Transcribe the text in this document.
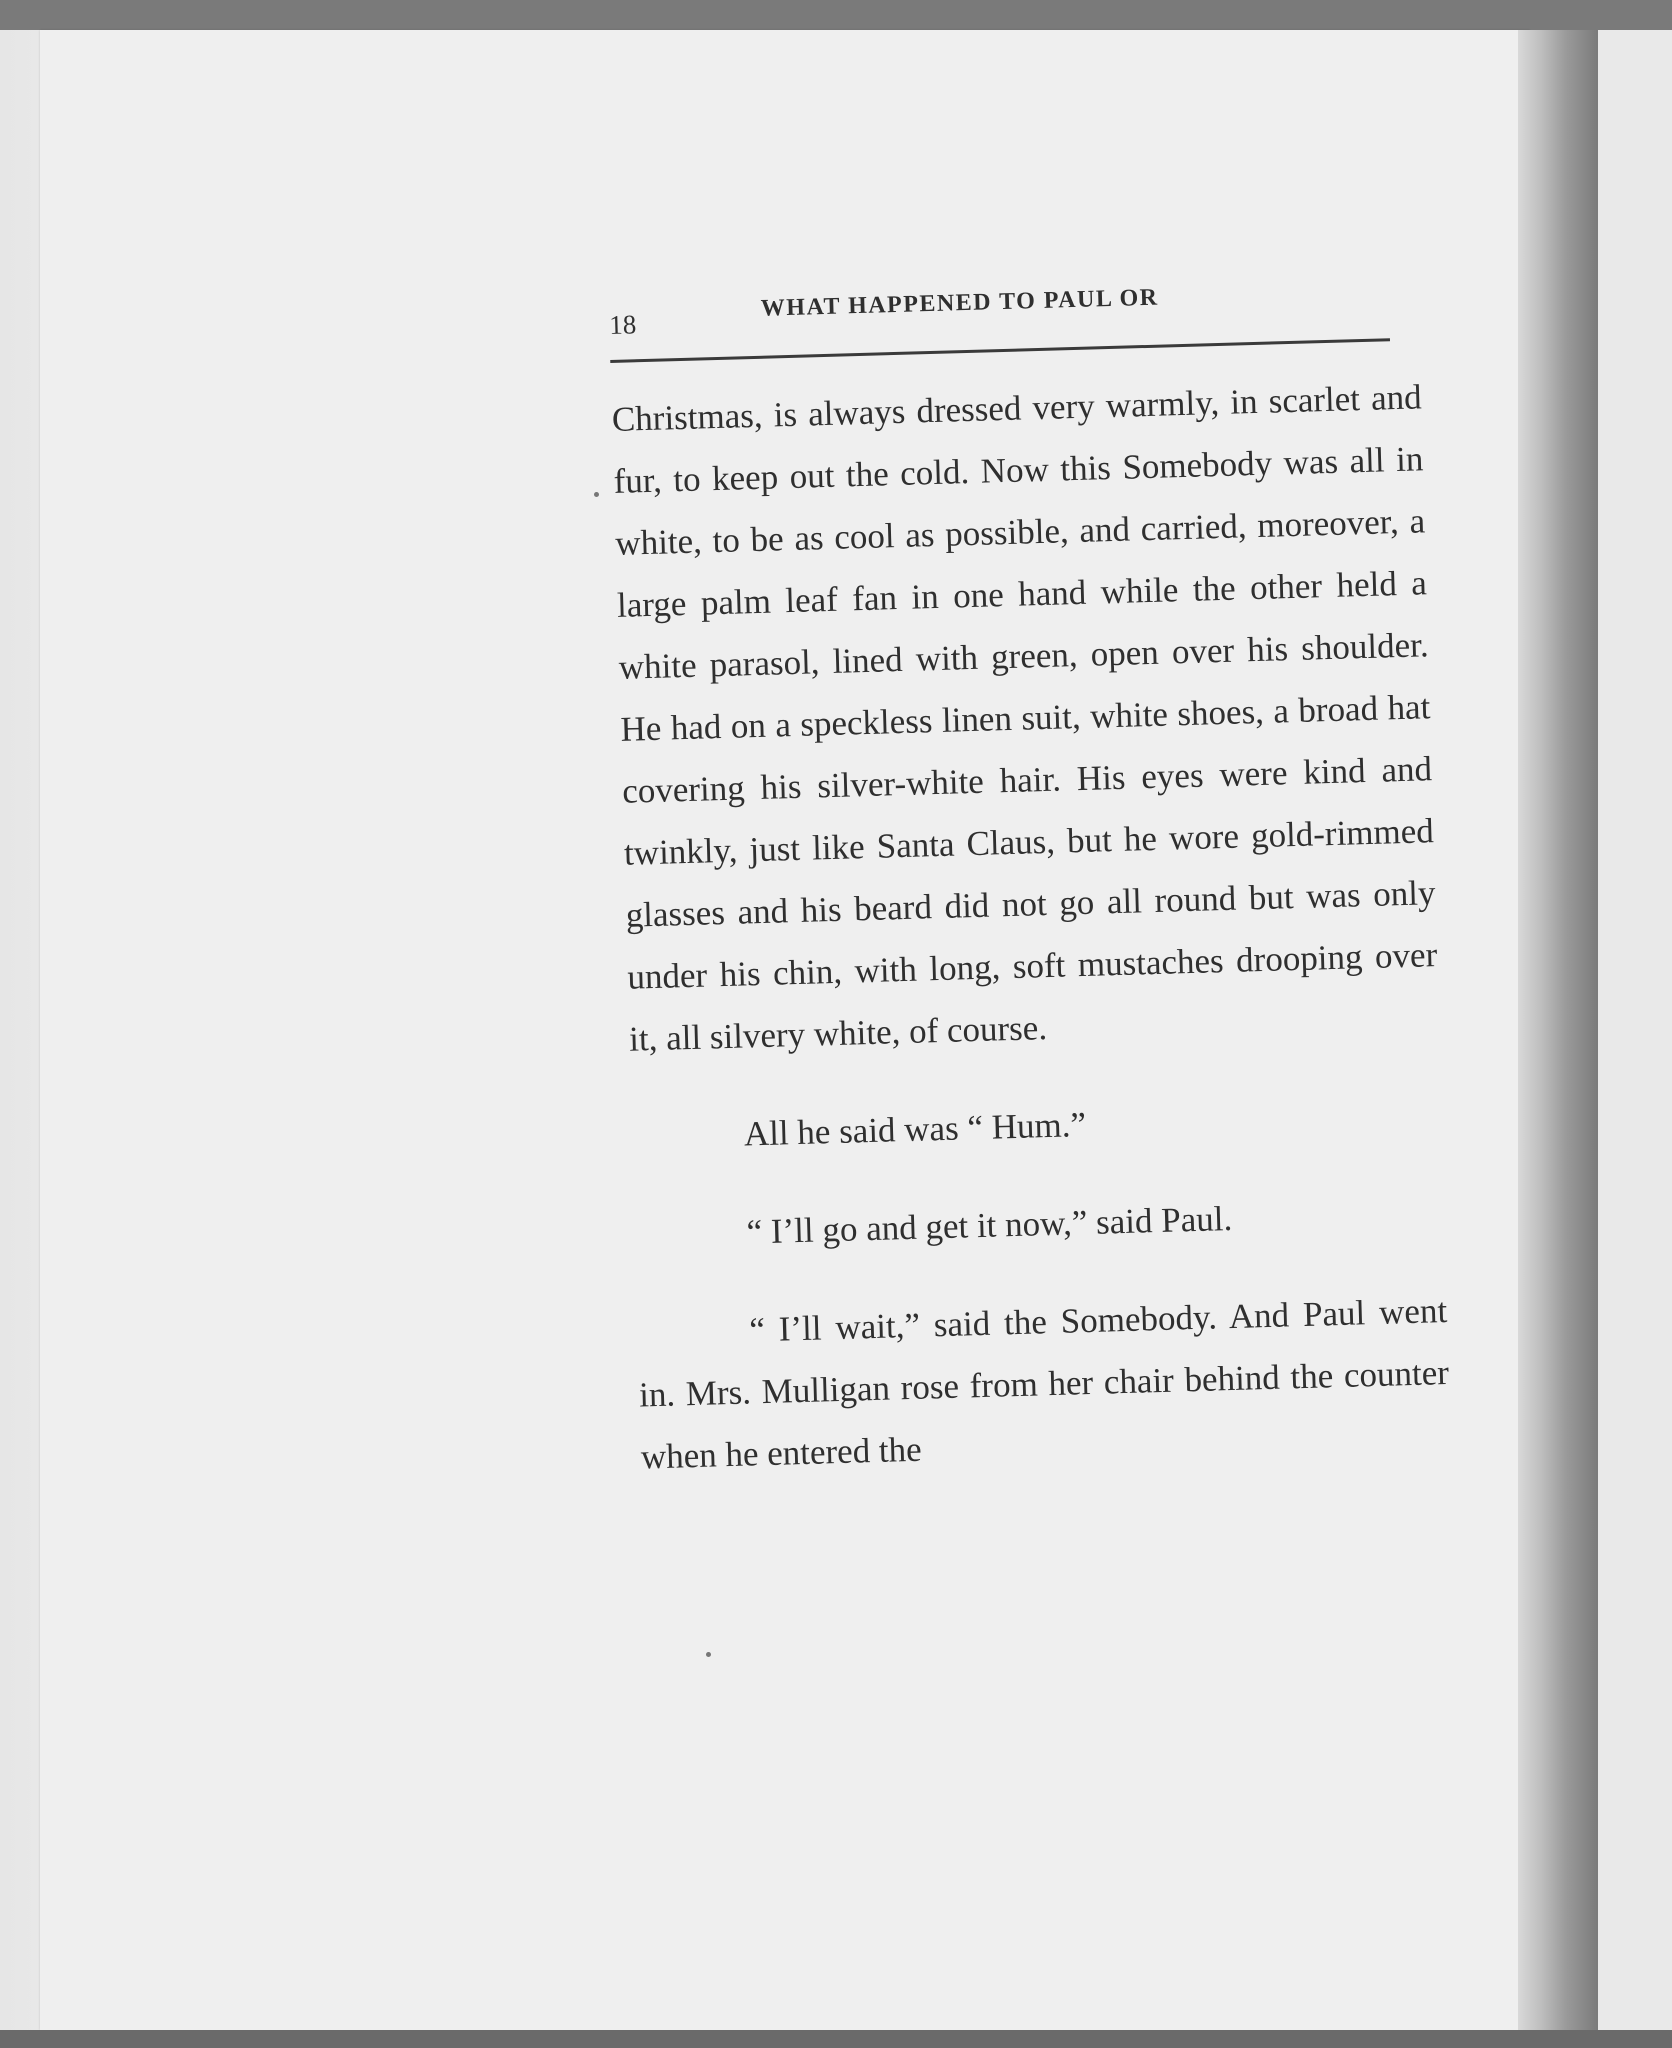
18
WHAT HAPPENED TO PAUL OR

Christmas, is always dressed very warmly, in scarlet and fur, to keep out the cold. Now this Somebody was all in white, to be as cool as possible, and carried, moreover, a large palm leaf fan in one hand while the other held a white parasol, lined with green, open over his shoulder. He had on a speckless linen suit, white shoes, a broad hat covering his silver-white hair. His eyes were kind and twinkly, just like Santa Claus, but he wore gold-rimmed glasses and his beard did not go all round but was only under his chin, with long, soft mustaches drooping over it, all silvery white, of course.

All he said was “ Hum.”

“ I’ll go and get it now,” said Paul.

“ I’ll wait,” said the Somebody. And Paul went in. Mrs. Mulligan rose from her chair behind the counter when he entered the
